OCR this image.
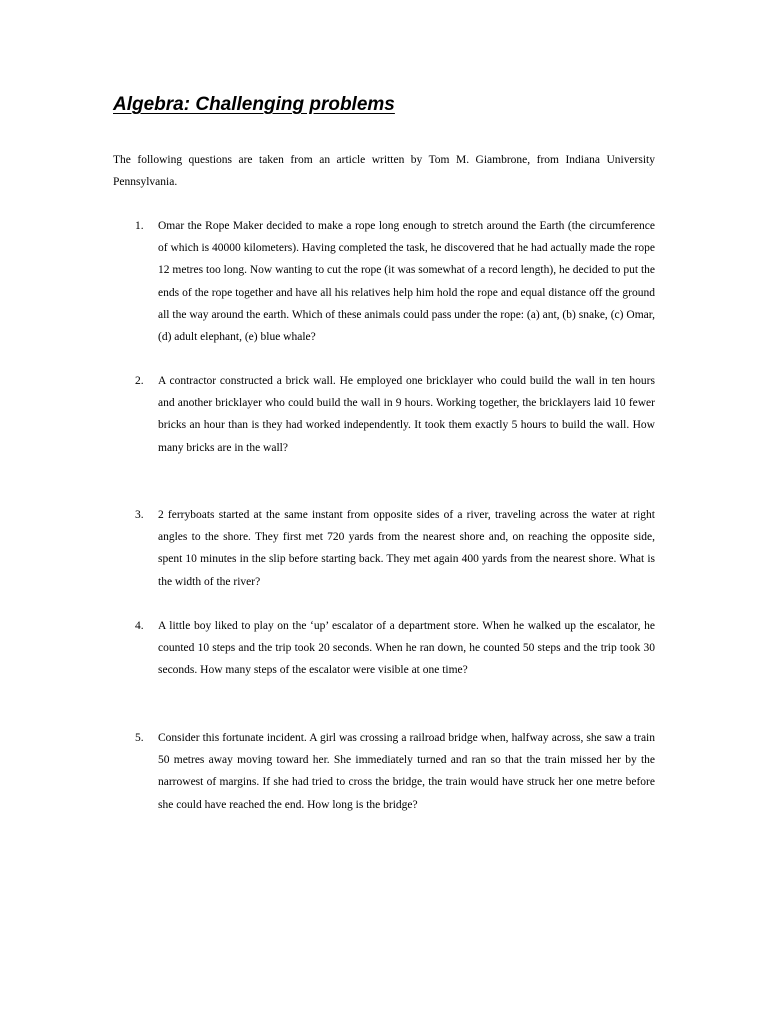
Algebra: Challenging problems

The following questions are taken from an article written by Tom M. Giambrone, from Indiana University Pennsylvania.

1.	Omar the Rope Maker decided to make a rope long enough to stretch around the Earth (the circumference of which is 40000 kilometers). Having completed the task, he discovered that he had actually made the rope 12 metres too long. Now wanting to cut the rope (it was somewhat of a record length), he decided to put the ends of the rope together and have all his relatives help him hold the rope and equal distance off the ground all the way around the earth. Which of these animals could pass under the rope: (a) ant, (b) snake, (c) Omar, (d) adult elephant, (e) blue whale?
2.	A contractor constructed a brick wall. He employed one bricklayer who could build the wall in ten hours and another bricklayer who could build the wall in 9 hours. Working together, the bricklayers laid 10 fewer bricks an hour than is they had worked independently. It took them exactly 5 hours to build the wall. How many bricks are in the wall?
3.	2 ferryboats started at the same instant from opposite sides of a river, traveling across the water at right angles to the shore. They first met 720 yards from the nearest shore and, on reaching the opposite side, spent 10 minutes in the slip before starting back. They met again 400 yards from the nearest shore. What is the width of the river?
4.	A little boy liked to play on the ‘up’ escalator of a department store. When he walked up the escalator, he counted 10 steps and the trip took 20 seconds. When he ran down, he counted 50 steps and the trip took 30 seconds. How many steps of the escalator were visible at one time?
5.	Consider this fortunate incident. A girl was crossing a railroad bridge when, halfway across, she saw a train 50 metres away moving toward her. She immediately turned and ran so that the train missed her by the narrowest of margins. If she had tried to cross the bridge, the train would have struck her one metre before she could have reached the end. How long is the bridge?
